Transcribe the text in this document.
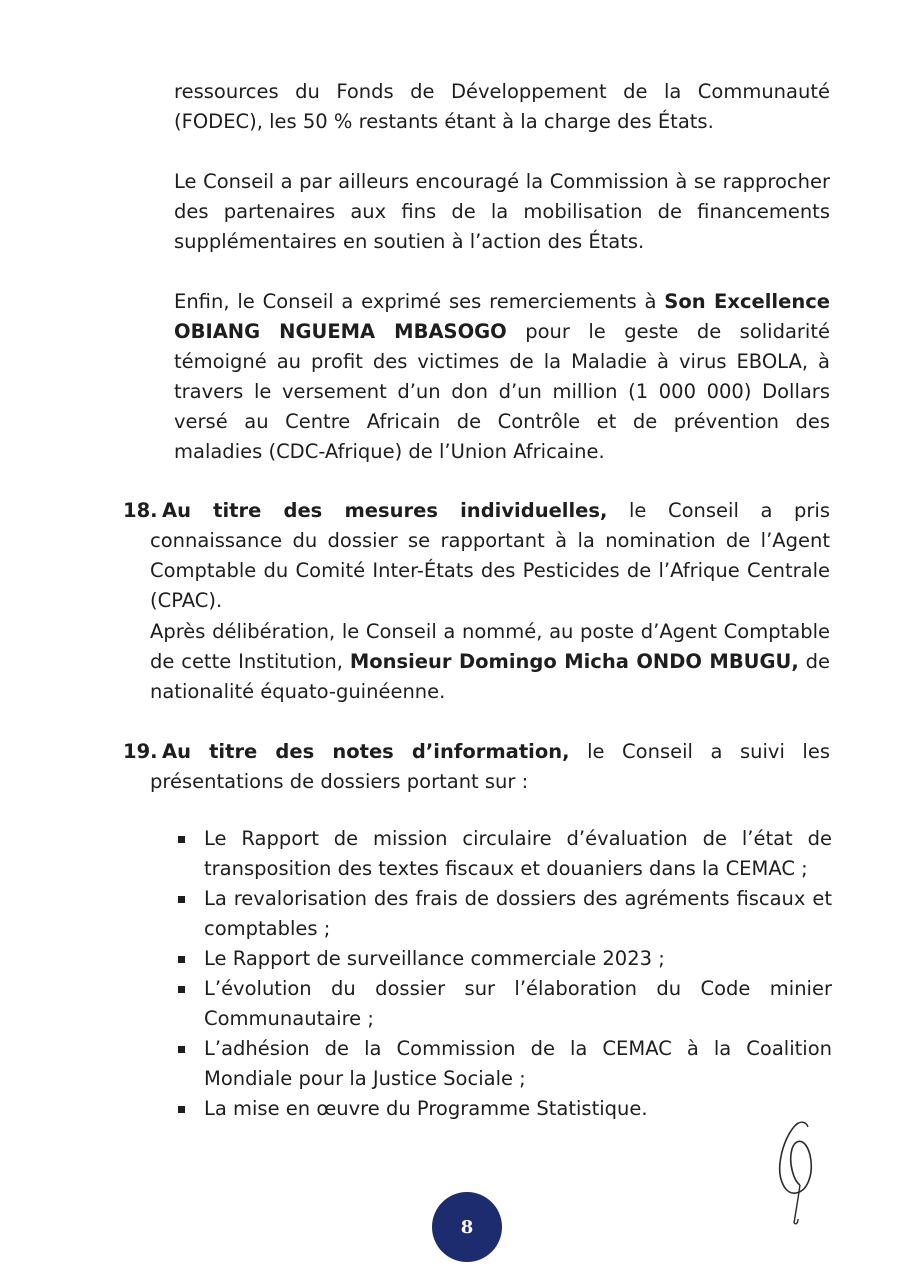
ressources du Fonds de Développement de la Communauté (FODEC), les 50 % restants étant à la charge des États.

Le Conseil a par ailleurs encouragé la Commission à se rapprocher des partenaires aux fins de la mobilisation de financements supplémentaires en soutien à l’action des États.

Enfin, le Conseil a exprimé ses remerciements à Son Excellence OBIANG NGUEMA MBASOGO pour le geste de solidarité témoigné au profit des victimes de la Maladie à virus EBOLA, à travers le versement d’un don d’un million (1 000 000) Dollars versé au Centre Africain de Contrôle et de prévention des maladies (CDC-Afrique) de l’Union Africaine.

18. Au titre des mesures individuelles, le Conseil a pris connaissance du dossier se rapportant à la nomination de l’Agent Comptable du Comité Inter-États des Pesticides de l’Afrique Centrale (CPAC).

Après délibération, le Conseil a nommé, au poste d’Agent Comptable de cette Institution, Monsieur Domingo Micha ONDO MBUGU, de nationalité équato-guinéenne.

19. Au titre des notes d’information, le Conseil a suivi les présentations de dossiers portant sur :

Le Rapport de mission circulaire d’évaluation de l’état de transposition des textes fiscaux et douaniers dans la CEMAC ;
La revalorisation des frais de dossiers des agréments fiscaux et comptables ;
Le Rapport de surveillance commerciale 2023 ;
L’évolution du dossier sur l’élaboration du Code minier Communautaire ;
L’adhésion de la Commission de la CEMAC à la Coalition Mondiale pour la Justice Sociale ;
La mise en œuvre du Programme Statistique.
8
